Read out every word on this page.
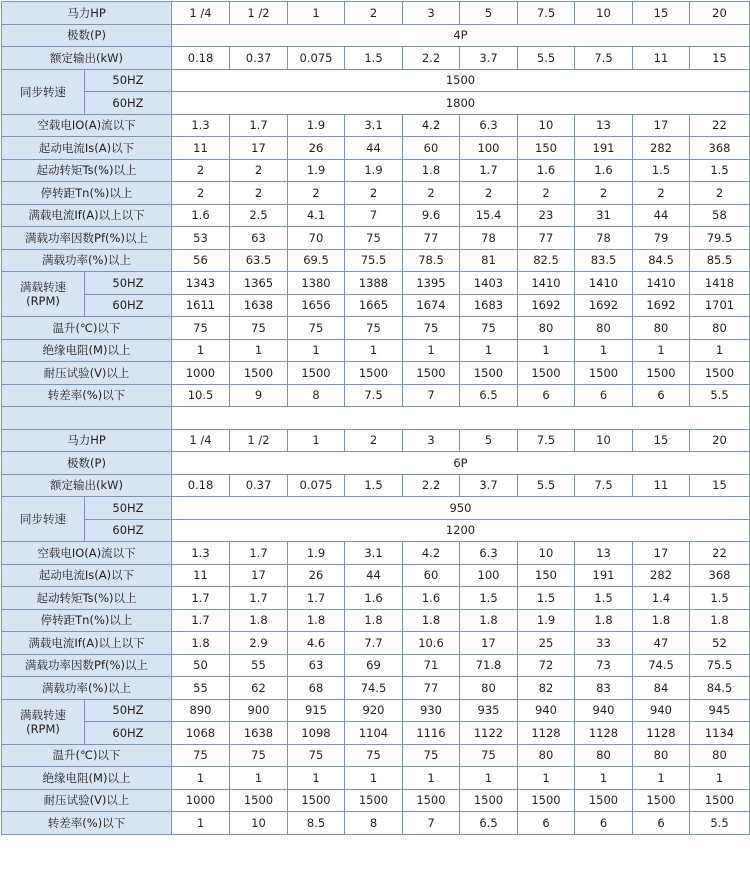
马力HP		1 /4	1 /2	1	2	3	5	7.5	10	15	20
极数(P)		4P									
额定输出(kW)		0.18	0.37	0.075	1.5	2.2	3.7	5.5	7.5	11	15
同步转速	50HZ	1500									
	60HZ	1800									
空载电IO(A)流以下		1.3	1.7	1.9	3.1	4.2	6.3	10	13	17	22
起动电流Is(A)以下		11	17	26	44	60	100	150	191	282	368
起动转矩Ts(%)以上		2	2	1.9	1.9	1.8	1.7	1.6	1.6	1.5	1.5
停转距Tn(%)以上		2	2	2	2	2	2	2	2	2	2
满载电流If(A)以上以下		1.6	2.5	4.1	7	9.6	15.4	23	31	44	58
满载功率因数Pf(%)以上		53	63	70	75	77	78	77	78	79	79.5
满载功率(%)以上		56	63.5	69.5	75.5	78.5	81	82.5	83.5	84.5	85.5
满载转速
(RPM)	50HZ	1343	1365	1380	1388	1395	1403	1410	1410	1410	1418
	60HZ	1611	1638	1656	1665	1674	1683	1692	1692	1692	1701
温升(℃)以下		75	75	75	75	75	75	80	80	80	80
绝缘电阻(M)以上		1	1	1	1	1	1	1	1	1	1
耐压试验(V)以上		1000	1500	1500	1500	1500	1500	1500	1500	1500	1500
转差率(%)以下		10.5	9	8	7.5	7	6.5	6	6	6	5.5

马力HP		1 /4	1 /2	1	2	3	5	7.5	10	15	20
极数(P)		6P									
额定输出(kW)		0.18	0.37	0.075	1.5	2.2	3.7	5.5	7.5	11	15
同步转速	50HZ	950									
	60HZ	1200									
空载电IO(A)流以下		1.3	1.7	1.9	3.1	4.2	6.3	10	13	17	22
起动电流Is(A)以下		11	17	26	44	60	100	150	191	282	368
起动转矩Ts(%)以上		1.7	1.7	1.7	1.6	1.6	1.5	1.5	1.5	1.4	1.5
停转距Tn(%)以上		1.7	1.8	1.8	1.8	1.8	1.8	1.9	1.8	1.8	1.8
满载电流If(A)以上以下		1.8	2.9	4.6	7.7	10.6	17	25	33	47	52
满载功率因数Pf(%)以上		50	55	63	69	71	71.8	72	73	74.5	75.5
满载功率(%)以上		55	62	68	74.5	77	80	82	83	84	84.5
满载转速
(RPM)	50HZ	890	900	915	920	930	935	940	940	940	945
	60HZ	1068	1638	1098	1104	1116	1122	1128	1128	1128	1134
温升(℃)以下		75	75	75	75	75	75	80	80	80	80
绝缘电阻(M)以上		1	1	1	1	1	1	1	1	1	1
耐压试验(V)以上		1000	1500	1500	1500	1500	1500	1500	1500	1500	1500
转差率(%)以下		1	10	8.5	8	7	6.5	6	6	6	5.5
